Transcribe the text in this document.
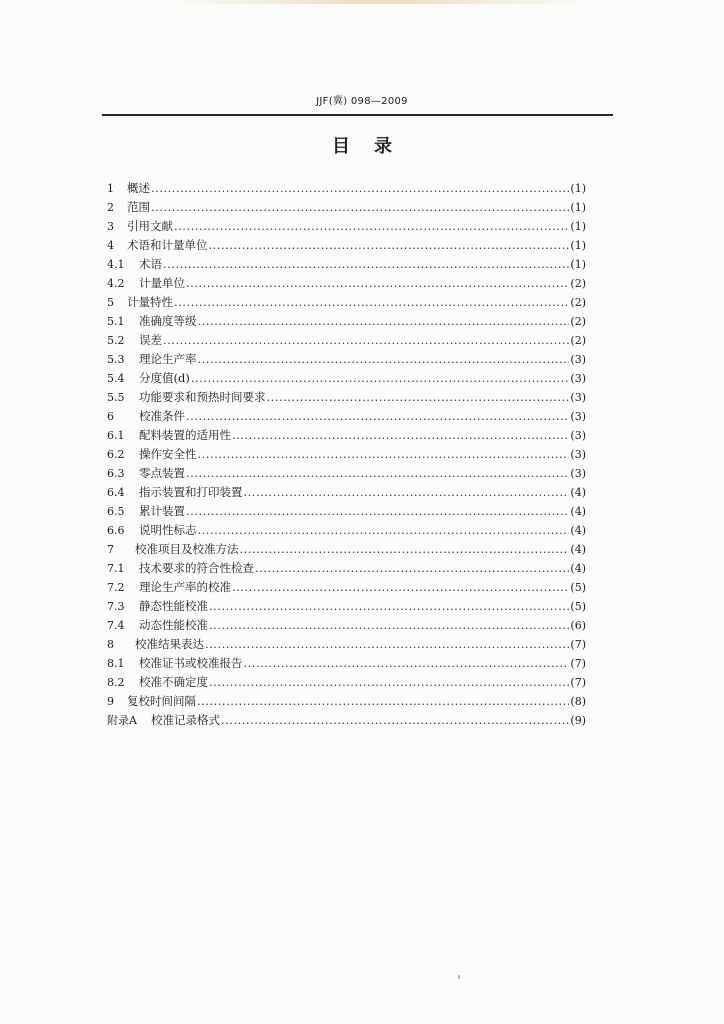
JJF(冀) 098—2009
目录
1	概述 .....	(1)
2	范围 .....	(1)
3	引用文献 .....	(1)
4	术语和计量单位 .....	(1)
4.1	术语 .....	(1)
4.2	计量单位 .....	(2)
5	计量特性 .....	(2)
5.1	准确度等级 .....	(2)
5.2	误差 .....	(2)
5.3	理论生产率 .....	(3)
5.4	分度值(d) .....	(3)
5.5	功能要求和预热时间要求 .....	(3)
6	校准条件 .....	(3)
6.1	配料装置的适用性 .....	(3)
6.2	操作安全性 .....	(3)
6.3	零点装置 .....	(3)
6.4	指示装置和打印装置 .....	(4)
6.5	累计装置 .....	(4)
6.6	说明性标志 .....	(4)
7	校准项目及校准方法 .....	(4)
7.1	技术要求的符合性检查 .....	(4)
7.2	理论生产率的校准 .....	(5)
7.3	静态性能校准 .....	(5)
7.4	动态性能校准 .....	(6)
8	校准结果表达 .....	(7)
8.1	校准证书或校准报告 .....	(7)
8.2	校准不确定度 .....	(7)
9	复校时间间隔 .....	(8)
附录A	校准记录格式 .....	(9)
